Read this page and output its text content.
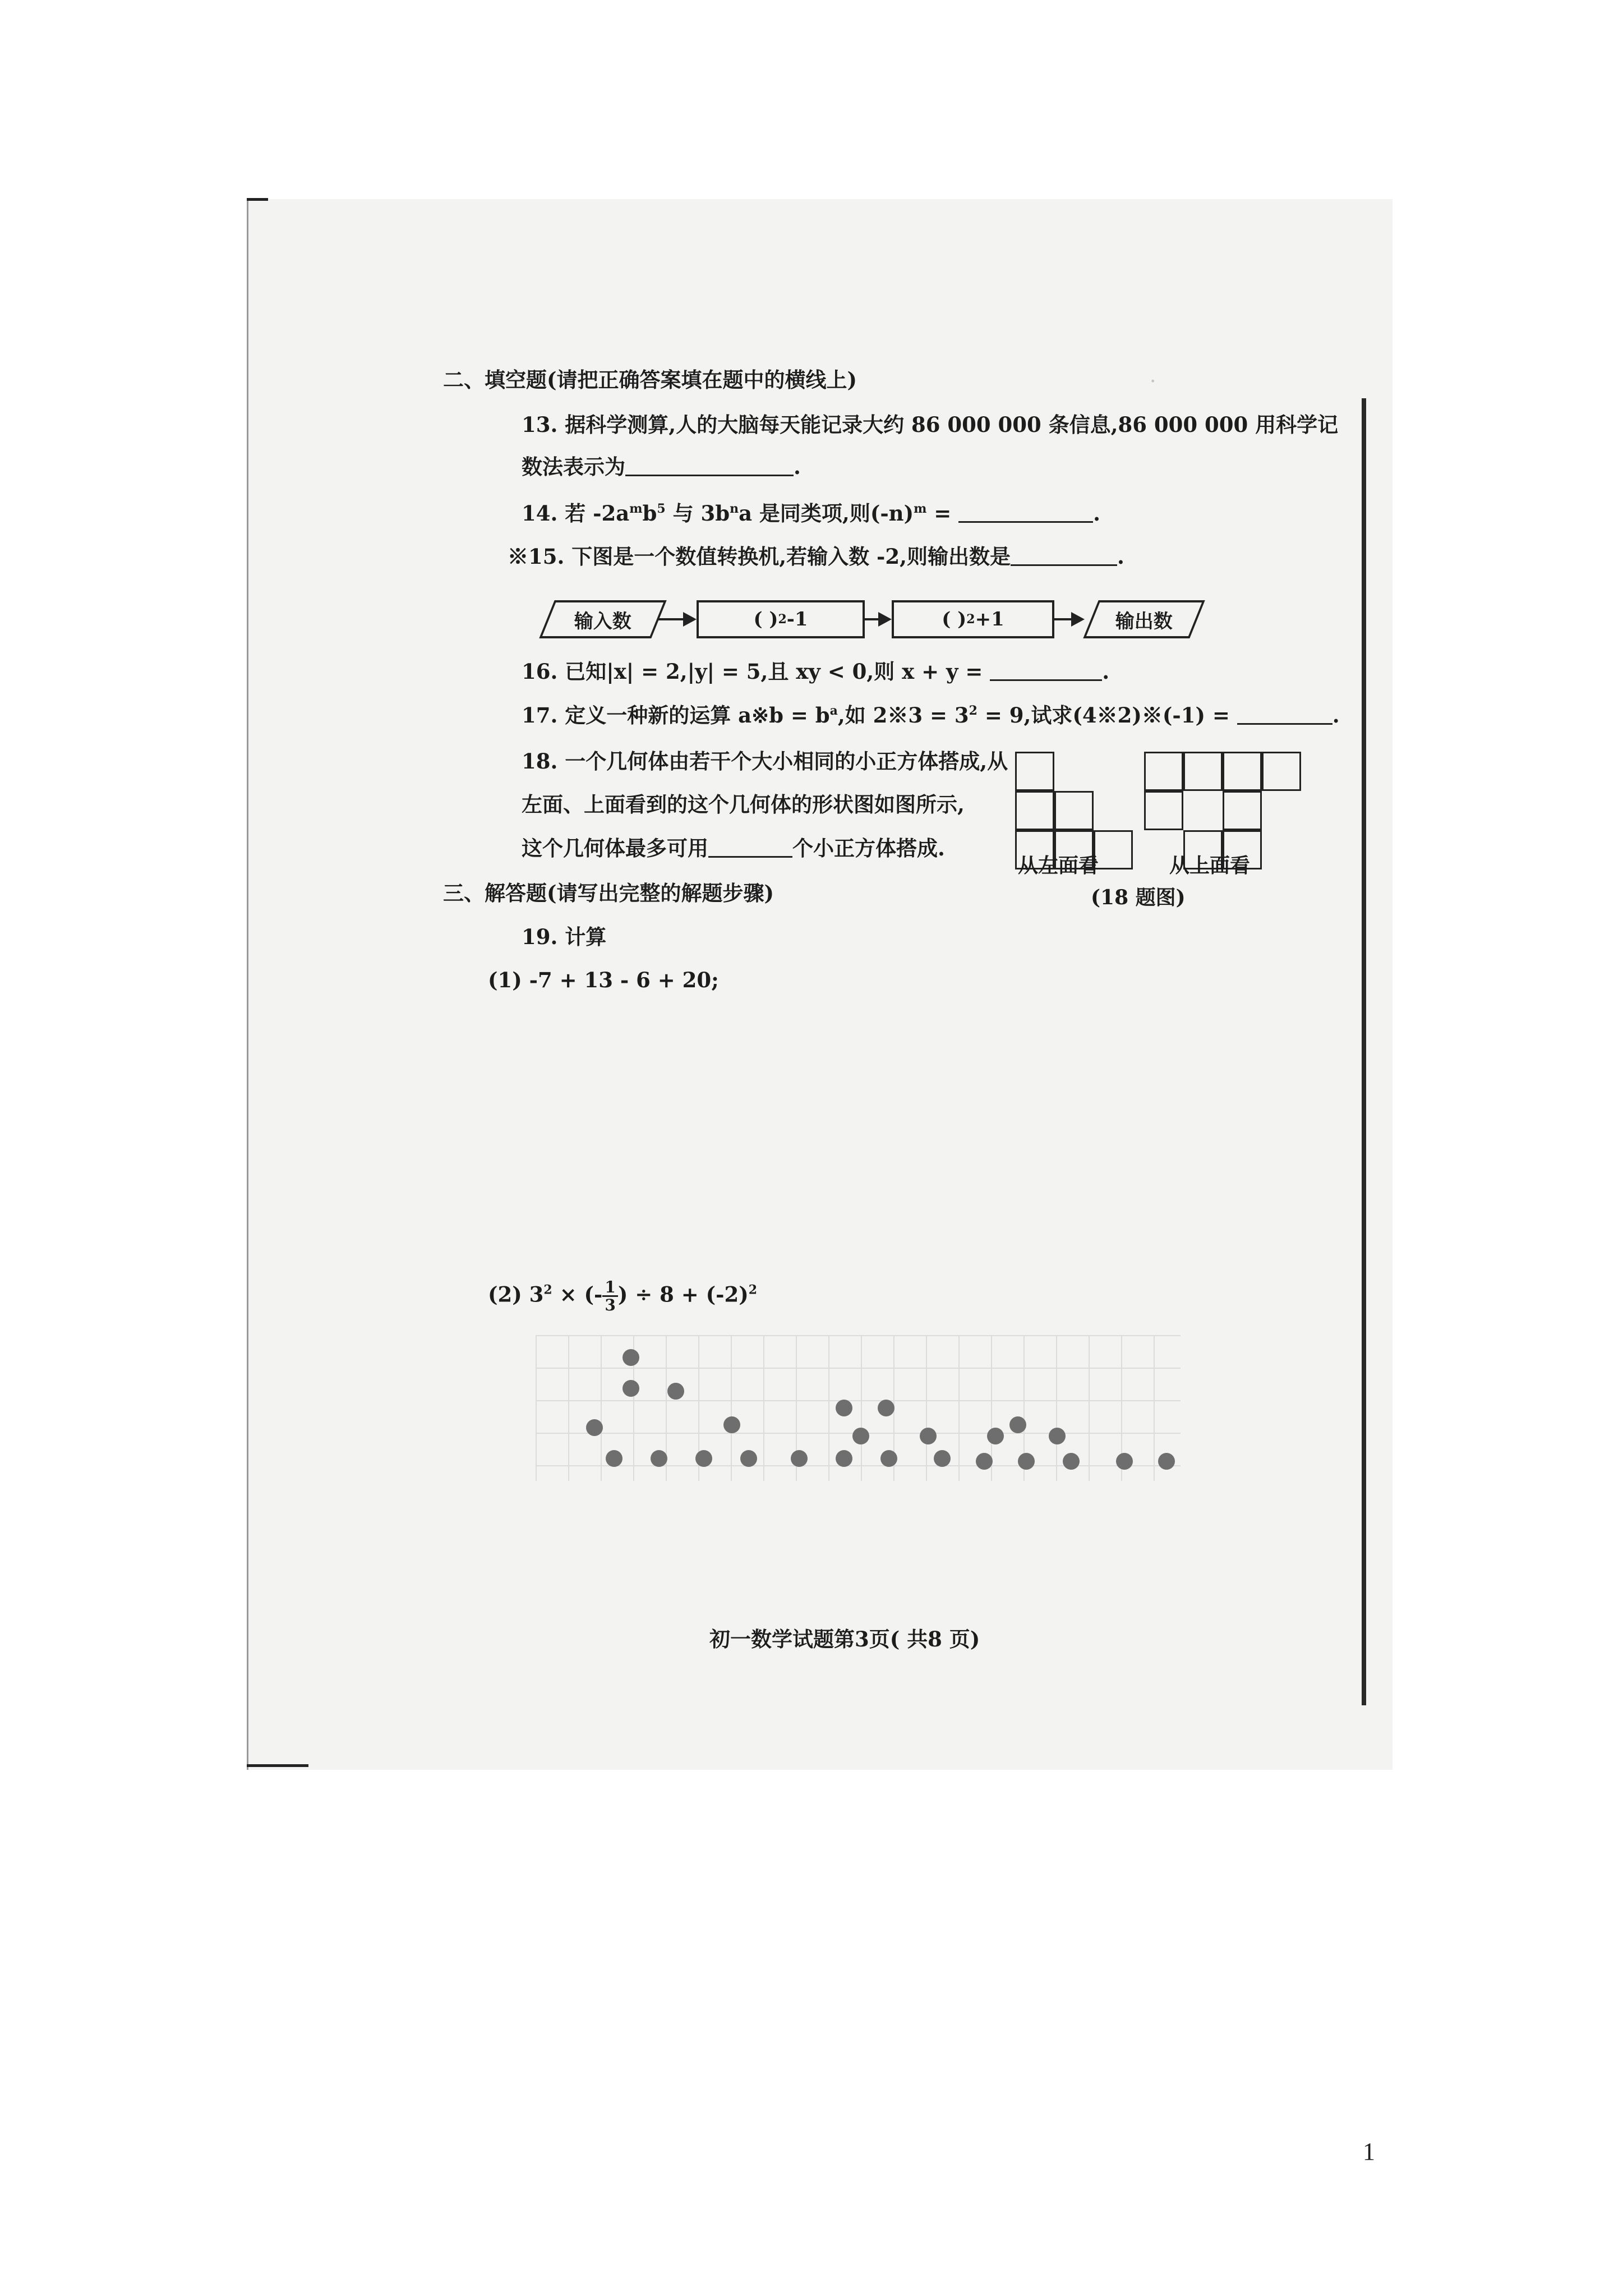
·
二、填空题(请把正确答案填在题中的横线上)
13. 据科学测算,人的大脑每天能记录大约 86 000 000 条信息,86 000 000 用科学记
数法表示为	.
14. 若 $-2a^mb^5$ 与 $3b^na$ 是同类项,则$(-n)^m$ =	.
※15. 下图是一个数值转换机,若输入数 -2,则输出数是	.
输入数	( ) 2 -1	( ) 2 +1	输出数
16. 已知|x| = 2,|y| = 5,且 xy < 0,则 x + y =	.
17. 定义一种新的运算 a※b = $b^a$,如 2※3 = $3^2 = 9$,试求(4※2)※(-1) =	.
18. 一个几何体由若干个大小相同的小正方体搭成,从
左面、上面看到的这个几何体的形状图如图所示,
这个几何体最多可用	个小正方体搭成.
从左面看	从上面看
(18 题图)
三、解答题(请写出完整的解题步骤)
19. 计算
(1) -7 + 13 - 6 + 20;
(2) $3^2$ × (- $\frac{1}{3}$ ) ÷ $8 + (-2)^2$
初一数学试题第3页( 共8 页)
1
